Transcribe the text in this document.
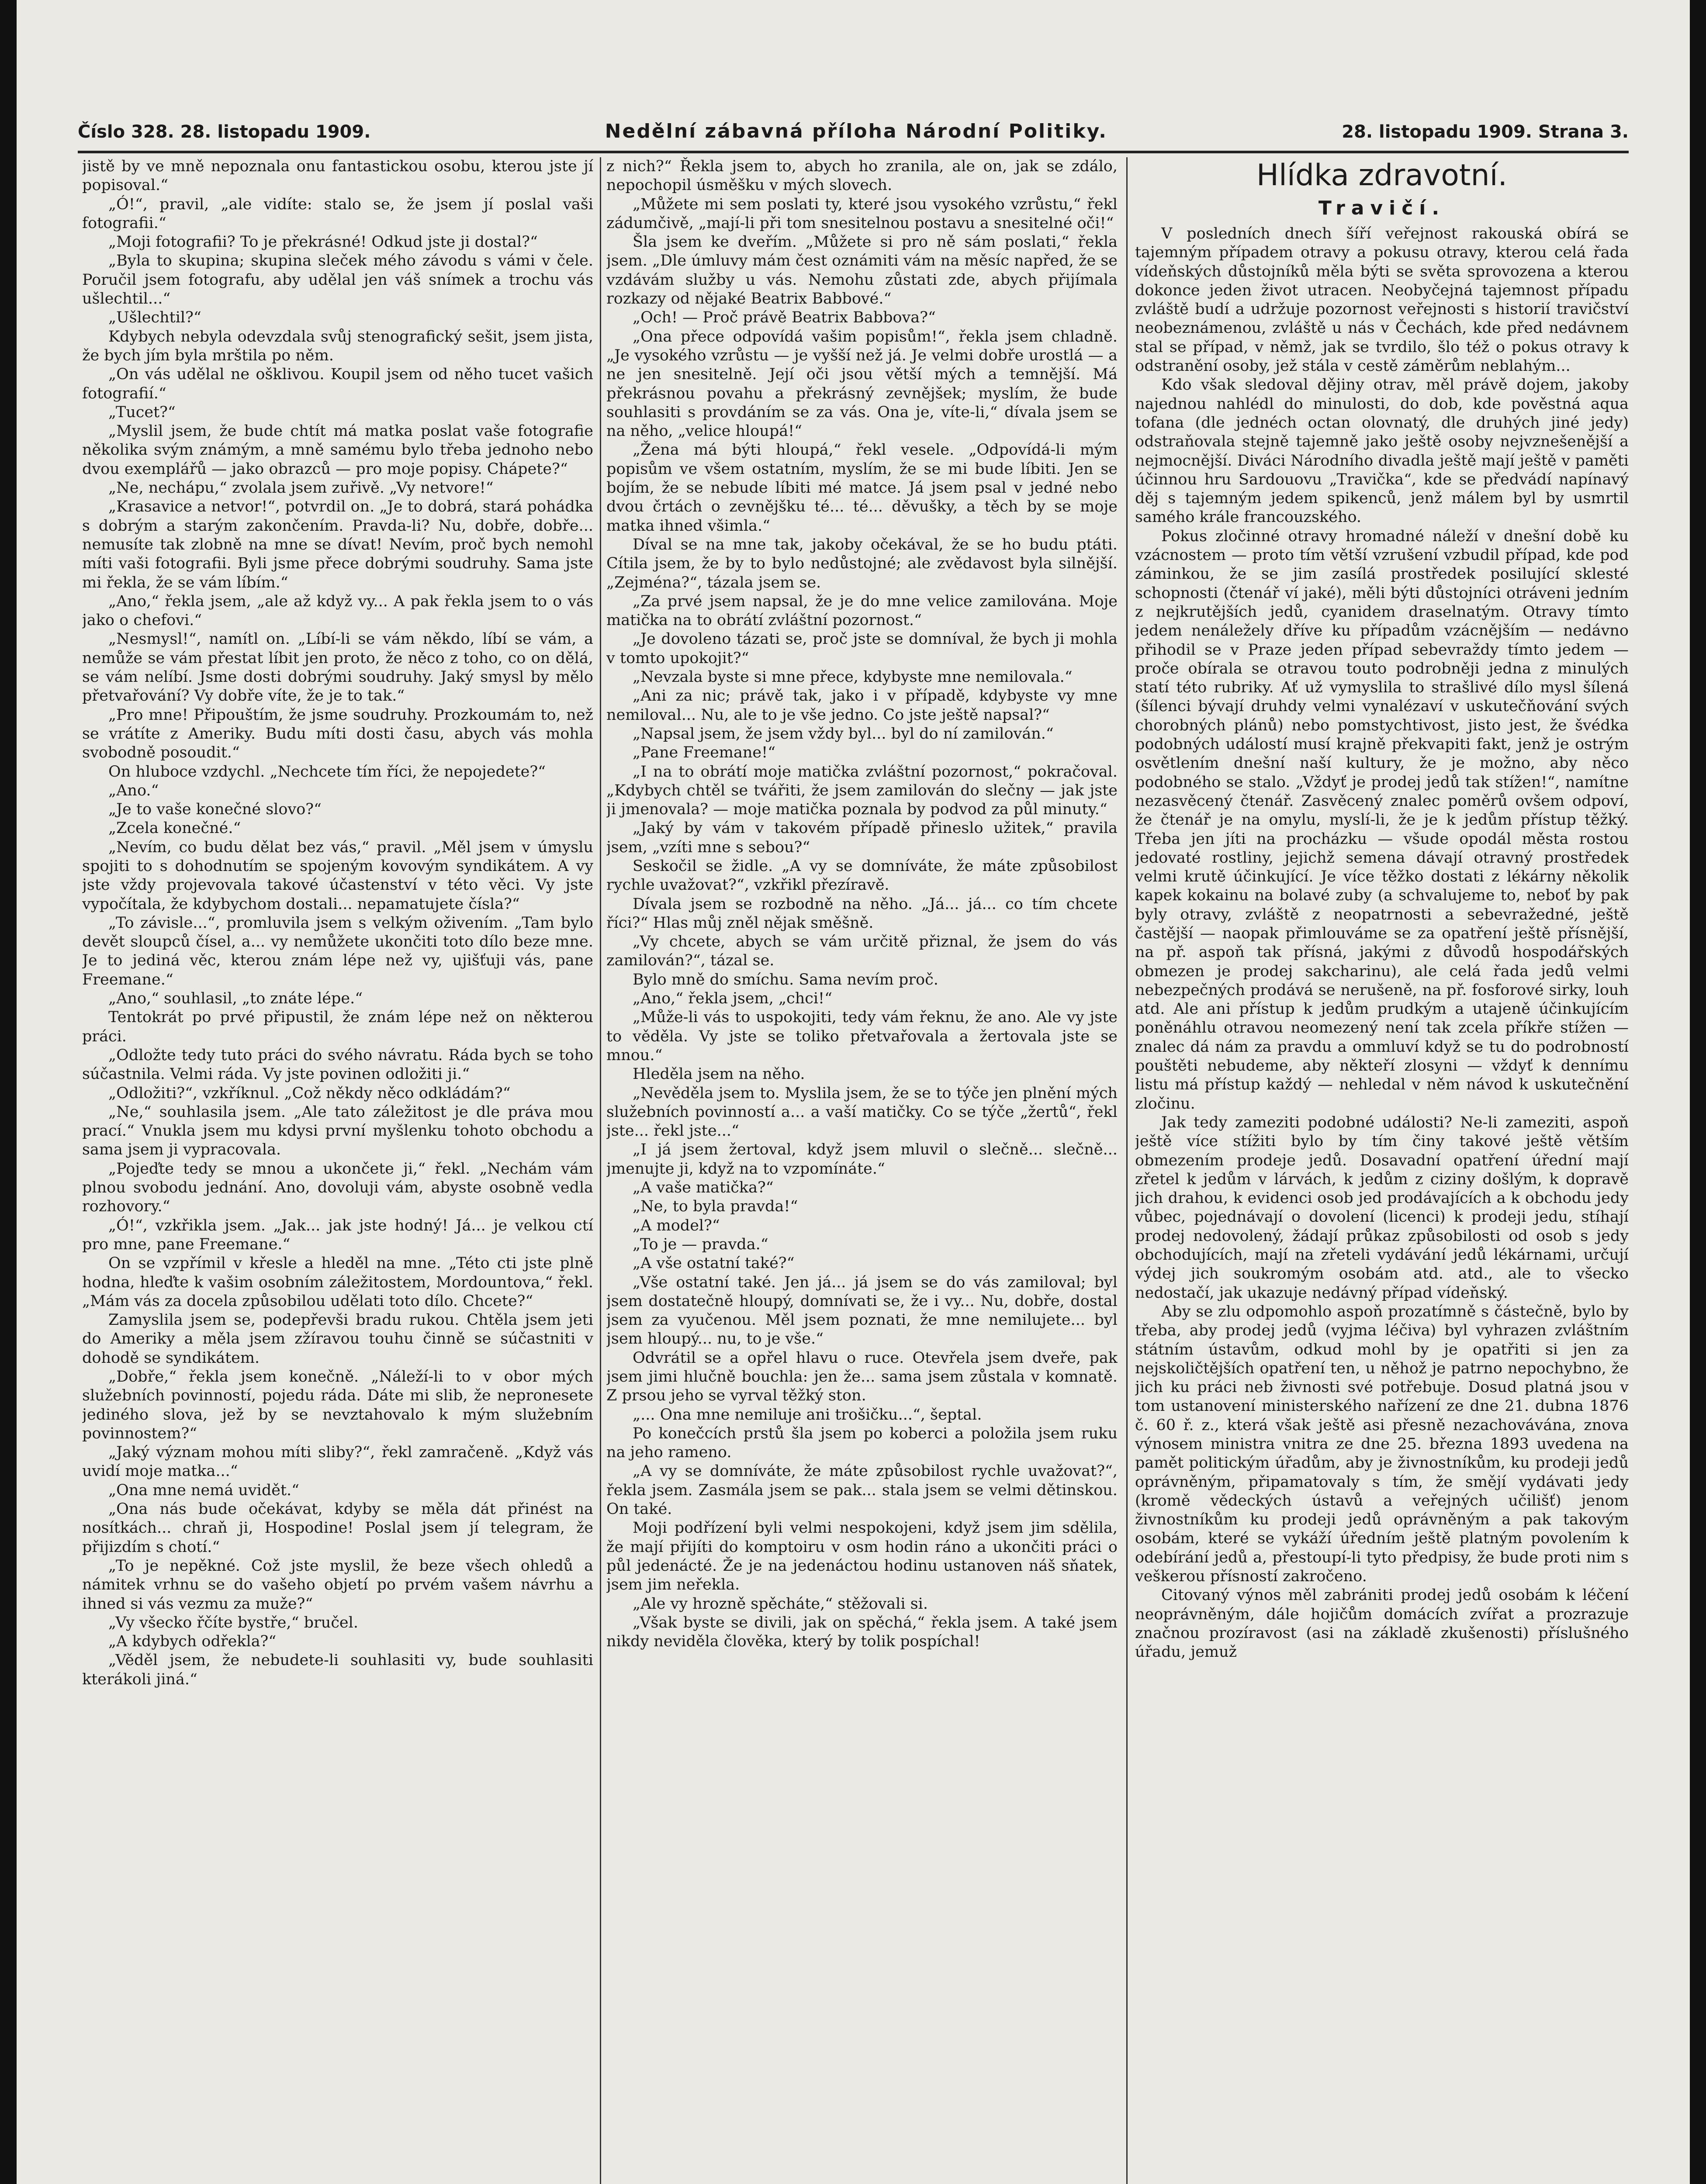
Číslo 328. 28. listopadu 1909.	Nedělní zábavná příloha Národní Politiky.	28. listopadu 1909. Strana 3.

jistě by ve mně nepoznala onu fantastickou osobu, kterou jste jí popisoval.“

„Ó!“, pravil, „ale vidíte: stalo se, že jsem jí poslal vaši fotografii.“

„Moji fotografii? To je překrásné! Odkud jste ji dostal?“

„Byla to skupina; skupina sleček mého závodu s vámi v čele. Poručil jsem fotografu, aby udělal jen váš snímek a trochu vás ušlechtil...“

„Ušlechtil?“

Kdybych nebyla odevzdala svůj stenografický sešit, jsem jista, že bych jím byla mrštila po něm.

„On vás udělal ne ošklivou. Koupil jsem od něho tucet vašich fotografií.“

„Tucet?“

„Myslil jsem, že bude chtít má matka poslat vaše fotografie několika svým známým, a mně samému bylo třeba jednoho nebo dvou exemplářů — jako obrazců — pro moje popisy. Chápete?“

„Ne, nechápu,“ zvolala jsem zuřivě. „Vy netvore!“

„Krasavice a netvor!“, potvrdil on. „Je to dobrá, stará pohádka s dobrým a starým zakončením. Pravda-li? Nu, dobře, dobře... nemusíte tak zlobně na mne se dívat! Nevím, proč bych nemohl míti vaši fotografii. Byli jsme přece dobrými soudruhy. Sama jste mi řekla, že se vám líbím.“

„Ano,“ řekla jsem, „ale až když vy... A pak řekla jsem to o vás jako o chefovi.“

„Nesmysl!“, namítl on. „Líbí-li se vám někdo, líbí se vám, a nemůže se vám přestat líbit jen proto, že něco z toho, co on dělá, se vám nelíbí. Jsme dosti dobrými soudruhy. Jaký smysl by mělo přetvařování? Vy dobře víte, že je to tak.“

„Pro mne! Připouštím, že jsme soudruhy. Prozkoumám to, než se vrátíte z Ameriky. Budu míti dosti času, abych vás mohla svobodně posoudit.“

On hluboce vzdychl. „Nechcete tím říci, že nepojedete?“

„Ano.“

„Je to vaše konečné slovo?“

„Zcela konečné.“

„Nevím, co budu dělat bez vás,“ pravil. „Měl jsem v úmyslu spojiti to s dohodnutím se spojeným kovovým syndikátem. A vy jste vždy projevovala takové účastenství v této věci. Vy jste vypočítala, že kdybychom dostali... nepamatujete čísla?“

„To závisle...“, promluvila jsem s velkým oživením. „Tam bylo devět sloupců čísel, a... vy nemůžete ukončiti toto dílo beze mne. Je to jediná věc, kterou znám lépe než vy, ujišťuji vás, pane Freemane.“

„Ano,“ souhlasil, „to znáte lépe.“

Tentokrát po prvé připustil, že znám lépe než on některou práci.

„Odložte tedy tuto práci do svého návratu. Ráda bych se toho súčastnila. Velmi ráda. Vy jste povinen odložiti ji.“

„Odložiti?“, vzkříknul. „Což někdy něco odkládám?“

„Ne,“ souhlasila jsem. „Ale tato záležitost je dle práva mou prací.“ Vnukla jsem mu kdysi první myšlenku tohoto obchodu a sama jsem ji vypracovala.

„Pojeďte tedy se mnou a ukončete ji,“ řekl. „Nechám vám plnou svobodu jednání. Ano, dovoluji vám, abyste osobně vedla rozhovory.“

„Ó!“, vzkřikla jsem. „Jak... jak jste hodný! Já... je velkou ctí pro mne, pane Freemane.“

On se vzpřímil v křesle a hleděl na mne. „Této cti jste plně hodna, hleďte k vašim osobním záležitostem, Mordountova,“ řekl. „Mám vás za docela způsobilou udělati toto dílo. Chcete?“

Zamyslila jsem se, podepřevši bradu rukou. Chtěla jsem jeti do Ameriky a měla jsem zžíravou touhu činně se súčastniti v dohodě se syndikátem.

„Dobře,“ řekla jsem konečně. „Náleží-li to v obor mých služebních povinností, pojedu ráda. Dáte mi slib, že nepronesete jediného slova, jež by se nevztahovalo k mým služebním povinnostem?“

„Jaký význam mohou míti sliby?“, řekl zamračeně. „Když vás uvidí moje matka...“

„Ona mne nemá uvidět.“

„Ona nás bude očekávat, kdyby se měla dát přinést na nosítkách... chraň ji, Hospodine! Poslal jsem jí telegram, že přijizdím s chotí.“

„To je nepěkné. Což jste myslil, že beze všech ohledů a námitek vrhnu se do vašeho objetí po prvém vašem návrhu a ihned si vás vezmu za muže?“

„Vy všecko řčíte bystře,“ bručel.

„A kdybych odřekla?“

„Věděl jsem, že nebudete-li souhlasiti vy, bude souhlasiti kterákoli jiná.“

z nich?“ Řekla jsem to, abych ho zranila, ale on, jak se zdálo, nepochopil úsměšku v mých slovech.

„Můžete mi sem poslati ty, které jsou vysokého vzrůstu,“ řekl zádumčivě, „mají-li při tom snesitelnou postavu a snesitelné oči!“

Šla jsem ke dveřím. „Můžete si pro ně sám poslati,“ řekla jsem. „Dle úmluvy mám čest oznámiti vám na měsíc napřed, že se vzdávám služby u vás. Nemohu zůstati zde, abych přijímala rozkazy od nějaké Beatrix Babbové.“

„Och! — Proč právě Beatrix Babbova?“

„Ona přece odpovídá vašim popisům!“, řekla jsem chladně. „Je vysokého vzrůstu — je vyšší než já. Je velmi dobře urostlá — a ne jen snesitelně. Její oči jsou větší mých a temnější. Má překrásnou povahu a překrásný zevnějšek; myslím, že bude souhlasiti s provdáním se za vás. Ona je, víte-li,“ dívala jsem se na něho, „velice hloupá!“

„Žena má býti hloupá,“ řekl vesele. „Odpovídá-li mým popisům ve všem ostatním, myslím, že se mi bude líbiti. Jen se bojím, že se nebude líbiti mé matce. Já jsem psal v jedné nebo dvou črtách o zevnějšku té... té... děvušky, a těch by se moje matka ihned všimla.“

Díval se na mne tak, jakoby očekával, že se ho budu ptáti. Cítila jsem, že by to bylo nedůstojné; ale zvědavost byla silnější. „Zejména?“, tázala jsem se.

„Za prvé jsem napsal, že je do mne velice zamilována. Moje matička na to obrátí zvláštní pozornost.“

„Je dovoleno tázati se, proč jste se domníval, že bych ji mohla v tomto upokojit?“

„Nevzala byste si mne přece, kdybyste mne nemilovala.“

„Ani za nic; právě tak, jako i v případě, kdybyste vy mne nemiloval... Nu, ale to je vše jedno. Co jste ještě napsal?“

„Napsal jsem, že jsem vždy byl... byl do ní zamilován.“

„Pane Freemane!“

„I na to obrátí moje matička zvláštní pozornost,“ pokračoval. „Kdybych chtěl se tvářiti, že jsem zamilován do slečny — jak jste ji jmenovala? — moje matička poznala by podvod za půl minuty.“

„Jaký by vám v takovém případě přineslo užitek,“ pravila jsem, „vzíti mne s sebou?“

Seskočil se židle. „A vy se domníváte, že máte způsobilost rychle uvažovat?“, vzkřikl přezíravě.

Dívala jsem se rozbodně na něho. „Já... já... co tím chcete říci?“ Hlas můj zněl nějak směšně.

„Vy chcete, abych se vám určitě přiznal, že jsem do vás zamilován?“, tázal se.

Bylo mně do smíchu. Sama nevím proč.

„Ano,“ řekla jsem, „chci!“

„Může-li vás to uspokojiti, tedy vám řeknu, že ano. Ale vy jste to věděla. Vy jste se toliko přetvařovala a žertovala jste se mnou.“

Hleděla jsem na něho.

„Nevěděla jsem to. Myslila jsem, že se to týče jen plnění mých služebních povinností a... a vaší matičky. Co se týče „žertů“, řekl jste... řekl jste...“

„I já jsem žertoval, když jsem mluvil o slečně... slečně... jmenujte ji, když na to vzpomínáte.“

„A vaše matička?“

„Ne, to byla pravda!“

„A model?“

„To je — pravda.“

„A vše ostatní také?“

„Vše ostatní také. Jen já... já jsem se do vás zamiloval; byl jsem dostatečně hloupý, domnívati se, že i vy... Nu, dobře, dostal jsem za vyučenou. Měl jsem poznati, že mne nemilujete... byl jsem hloupý... nu, to je vše.“

Odvrátil se a opřel hlavu o ruce. Otevřela jsem dveře, pak jsem jimi hlučně bouchla: jen že... sama jsem zůstala v komnatě. Z prsou jeho se vyrval těžký ston.

„... Ona mne nemiluje ani trošičku...“, šeptal.

Po konečcích prstů šla jsem po koberci a položila jsem ruku na jeho rameno.

„A vy se domníváte, že máte způsobilost rychle uvažovat?“, řekla jsem. Zasmála jsem se pak... stala jsem se velmi dětinskou. On také.

Moji podřízení byli velmi nespokojeni, když jsem jim sdělila, že mají přijíti do komptoiru v osm hodin ráno a ukončiti práci o půl jedenácté. Že je na jedenáctou hodinu ustanoven náš sňatek, jsem jim neřekla.

„Ale vy hrozně spěcháte,“ stěžovali si.

„Však byste se divili, jak on spěchá,“ řekla jsem. A také jsem nikdy neviděla člověka, který by tolik pospíchal!

Hlídka zdravotní.
Travičí.

V posledních dnech šíří veřejnost rakouská obírá se tajemným případem otravy a pokusu otravy, kterou celá řada vídeňských důstojníků měla býti se světa sprovozena a kterou dokonce jeden život utracen. Neobyčejná tajemnost případu zvláště budí a udržuje pozornost veřejnosti s historií travičství neobeznámenou, zvláště u nás v Čechách, kde před nedávnem stal se případ, v němž, jak se tvrdilo, šlo též o pokus otravy k odstranění osoby, jež stála v cestě záměrům neblahým...

Kdo však sledoval dějiny otrav, měl právě dojem, jakoby najednou nahlédl do minulosti, do dob, kde pověstná aqua tofana (dle jednéch octan olovnatý, dle druhých jiné jedy) odstraňovala stejně tajemně jako ještě osoby nejvznešenější a nejmocnější. Diváci Národního divadla ještě mají ještě v paměti účinnou hru Sardouovu „Travička“, kde se předvádí napínavý děj s tajemným jedem spikenců, jenž málem byl by usmrtil samého krále francouzského.

Pokus zločinné otravy hromadné náleží v dnešní době ku vzácnostem — proto tím větší vzrušení vzbudil případ, kde pod záminkou, že se jim zasílá prostředek posilující sklesté schopnosti (čtenář ví jaké), měli býti důstojníci otráveni jedním z nejkrutějších jedů, cyanidem draselnatým. Otravy tímto jedem nenáležely dříve ku případům vzácnějším — nedávno přihodil se v Praze jeden případ sebevraždy tímto jedem — proče obírala se otravou touto podrobněji jedna z minulých statí této rubriky. Ať už vymyslila to strašlivé dílo mysl šílená (šílenci bývají druhdy velmi vynalézaví v uskutečňování svých chorobných plánů) nebo pomstychtivost, jisto jest, že švédka podobných událostí musí krajně překvapiti fakt, jenž je ostrým osvětlením dnešní naší kultury, že je možno, aby něco podobného se stalo. „Vždyť je prodej jedů tak stížen!“, namítne nezasvěcený čtenář. Zasvěcený znalec poměrů ovšem odpoví, že čtenář je na omylu, myslí-li, že je k jedům přístup těžký. Třeba jen jíti na procházku — všude opodál města rostou jedovaté rostliny, jejichž semena dávají otravný prostředek velmi krutě účinkující. Je více těžko dostati z lékárny několik kapek kokainu na bolavé zuby (a schvalujeme to, neboť by pak byly otravy, zvláště z neopatrnosti a sebevražedné, ještě častější — naopak přimlouváme se za opatření ještě přísnější, na př. aspoň tak přísná, jakými z důvodů hospodářských obmezen je prodej sakcharinu), ale celá řada jedů velmi nebezpečných prodává se nerušeně, na př. fosforové sirky, louh atd. Ale ani přístup k jedům prudkým a utajeně účinkujícím poněnáhlu otravou neomezený není tak zcela příkře stížen — znalec dá nám za pravdu a ommluví když se tu do podrobností pouštěti nebudeme, aby někteří zlosyni — vždyť k dennímu listu má přístup každý — nehledal v něm návod k uskutečnění zločinu.

Jak tedy zameziti podobné události? Ne-li zameziti, aspoň ještě více stížiti bylo by tím činy takové ještě větším obmezením prodeje jedů. Dosavadní opatření úřední mají zřetel k jedům v lárvách, k jedům z ciziny došlým, k dopravě jich drahou, k evidenci osob jed prodávajících a k obchodu jedy vůbec, pojednávají o dovolení (licenci) k prodeji jedu, stíhají prodej nedovolený, žádají průkaz způsobilosti od osob s jedy obchodujících, mají na zřeteli vydávání jedů lékárnami, určují výdej jich soukromým osobám atd. atd., ale to všecko nedostačí, jak ukazuje nedávný případ vídeňský.

Aby se zlu odpomohlo aspoň prozatímně s částečně, bylo by třeba, aby prodej jedů (vyjma léčiva) byl vyhrazen zvláštním státním ústavům, odkud mohl by je opatřiti si jen za nejskoličtějších opatření ten, u něhož je patrno nepochybno, že jich ku práci neb živnosti své potřebuje. Dosud platná jsou v tom ustanovení ministerského nařízení ze dne 21. dubna 1876 č. 60 ř. z., která však ještě asi přesně nezachovávána, znova výnosem ministra vnitra ze dne 25. března 1893 uvedena na pamět politickým úřadům, aby je živnostníkům, ku prodeji jedů oprávněným, připamatovaly s tím, že smějí vydávati jedy (kromě vědeckých ústavů a veřejných učilišť) jenom živnostníkům ku prodeji jedů oprávněným a pak takovým osobám, které se vykáží úředním ještě platným povolením k odebírání jedů a, přestoupí-li tyto předpisy, že bude proti nim s veškerou přísností zakročeno.

Citovaný výnos měl zabrániti prodej jedů osobám k léčení neoprávněným, dále hojičům domácích zvířat a prozrazuje značnou prozíravost (asi na základě zkušenosti) příslušného úřadu, jemuž
